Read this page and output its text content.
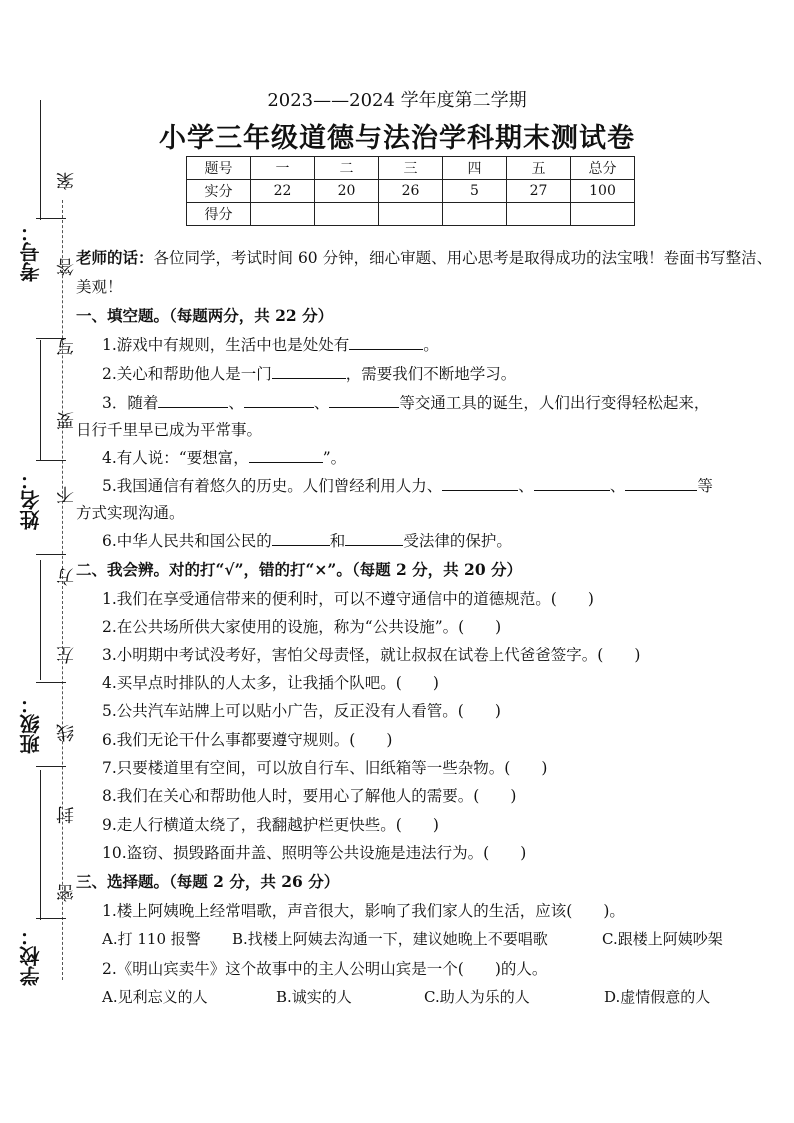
考号：
姓名：
班级：
学校：
案
答
写
要
不
方
左
线
封
密
2023——2024 学年度第二学期
小学三年级道德与法治学科期末测试卷
题号	一	二	三	四	五	总分
实分	22	20	26	5	27	100
得分						
老师的话：各位同学，考试时间 60 分钟，细心审题、用心思考是取得成功的法宝哦！卷面书写整洁、
美观！
一、填空题。（每题两分，共 22 分）
1.游戏中有规则，生活中也是处处有	。
2.关心和帮助他人是一门	，需要我们不断地学习。
3．随着	、	、	等交通工具的诞生，人们出行变得轻松起来，
日行千里早已成为平常事。
4.有人说：“要想富，	”。
5.我国通信有着悠久的历史。人们曾经利用人力、	、	、	等
方式实现沟通。
6.中华人民共和国公民的	和	受法律的保护。
二、我会辨。对的打“√”，错的打“×”。（每题 2 分，共 20 分）
1.我们在享受通信带来的便利时，可以不遵守通信中的道德规范。(　　)
2.在公共场所供大家使用的设施，称为“公共设施”。(　　)
3.小明期中考试没考好，害怕父母责怪，就让叔叔在试卷上代爸爸签字。(　　)
4.买早点时排队的人太多，让我插个队吧。(　　)
5.公共汽车站牌上可以贴小广告，反正没有人看管。(　　)
6.我们无论干什么事都要遵守规则。(　　)
7.只要楼道里有空间，可以放自行车、旧纸箱等一些杂物。(　　)
8.我们在关心和帮助他人时，要用心了解他人的需要。(　　)
9.走人行横道太绕了，我翻越护栏更快些。(　　)
10.盗窃、损毁路面井盖、照明等公共设施是违法行为。(　　)
三、选择题。（每题 2 分，共 26 分）
1.楼上阿姨晚上经常唱歌，声音很大，影响了我们家人的生活，应该(　　)。
A.打 110 报警 B.找楼上阿姨去沟通一下，建议她晚上不要唱歌	C.跟楼上阿姨吵架
2.《明山宾卖牛》这个故事中的主人公明山宾是一个(　　)的人。
A.见利忘义的人	B.诚实的人	C.助人为乐的人	D.虚情假意的人
